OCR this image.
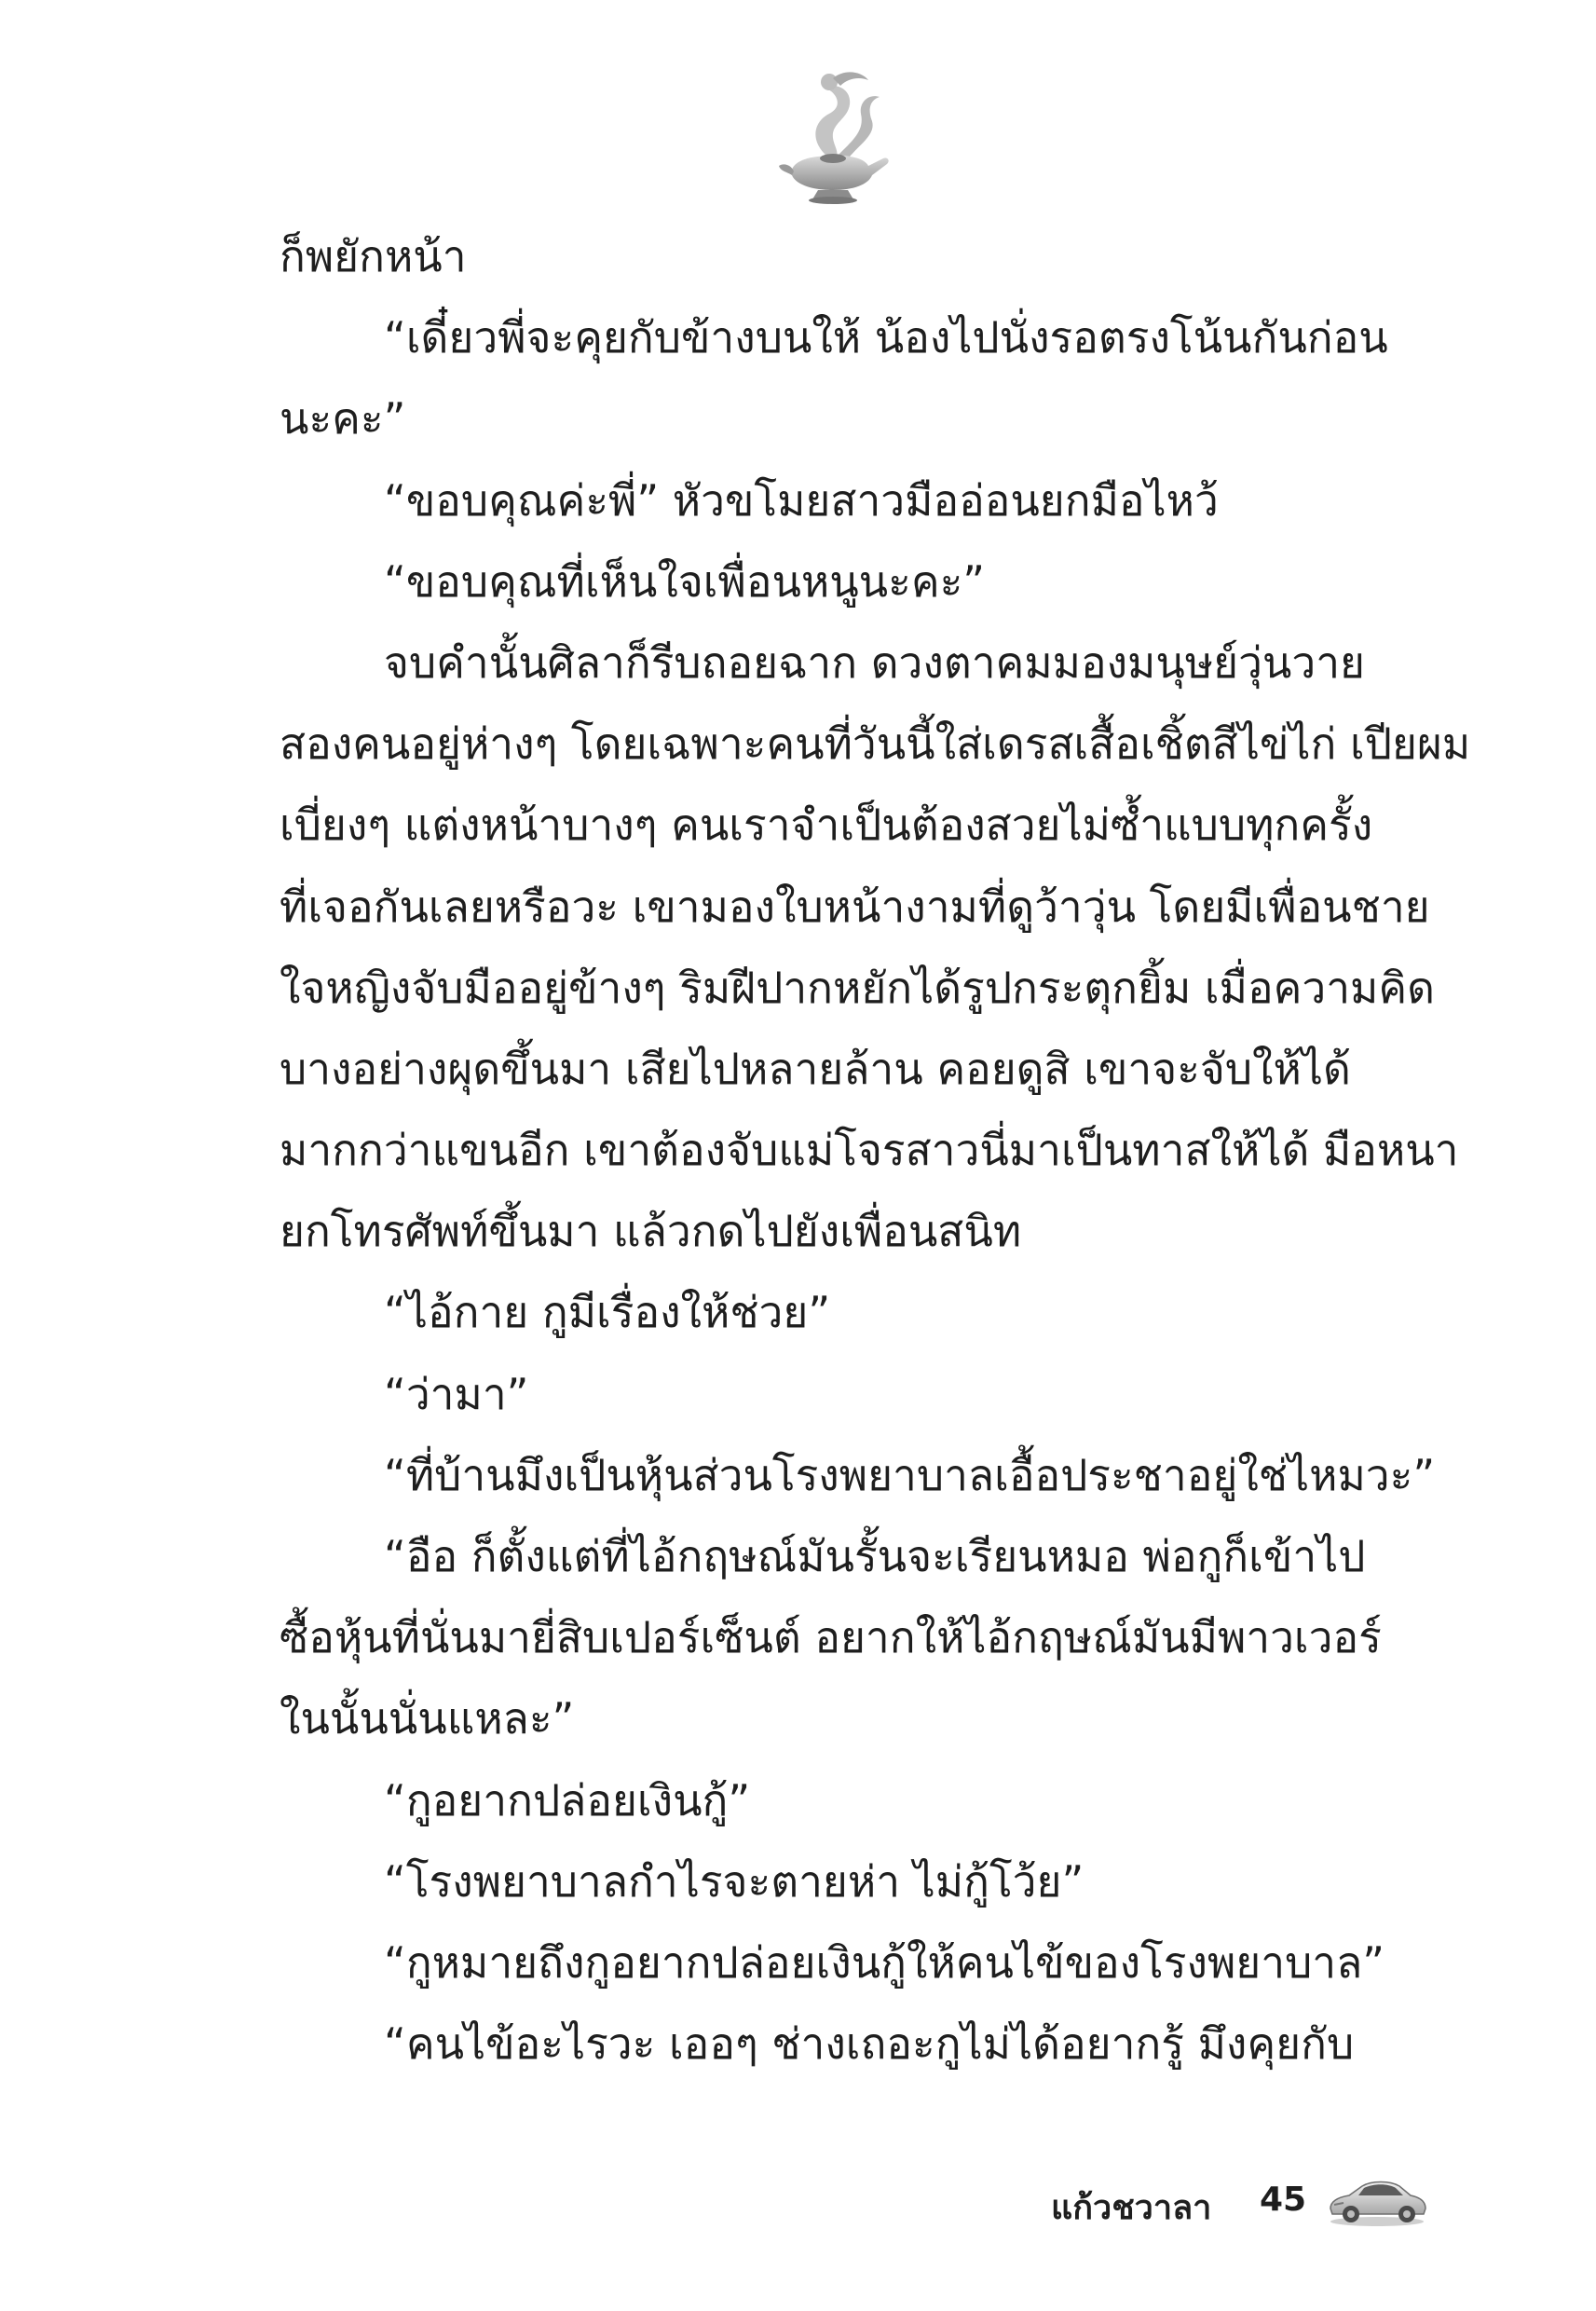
ก็พยักหน้า

“เดี๋ยวพี่จะคุยกับข้างบนให้ น้องไปนั่งรอตรงโน้นกันก่อน

นะคะ”

“ขอบคุณค่ะพี่” หัวขโมยสาวมืออ่อนยกมือไหว้

“ขอบคุณที่เห็นใจเพื่อนหนูนะคะ”

จบคำนั้นศิลาก็รีบถอยฉาก ดวงตาคมมองมนุษย์วุ่นวาย

สองคนอยู่ห่างๆ โดยเฉพาะคนที่วันนี้ใส่เดรสเสื้อเชิ้ตสีไข่ไก่ เปียผม

เบี่ยงๆ แต่งหน้าบางๆ คนเราจำเป็นต้องสวยไม่ซ้ำแบบทุกครั้ง

ที่เจอกันเลยหรือวะ เขามองใบหน้างามที่ดูว้าวุ่น โดยมีเพื่อนชาย

ใจหญิงจับมืออยู่ข้างๆ ริมฝีปากหยักได้รูปกระตุกยิ้ม เมื่อความคิด

บางอย่างผุดขึ้นมา เสียไปหลายล้าน คอยดูสิ เขาจะจับให้ได้

มากกว่าแขนอีก เขาต้องจับแม่โจรสาวนี่มาเป็นทาสให้ได้ มือหนา

ยกโทรศัพท์ขึ้นมา แล้วกดไปยังเพื่อนสนิท

“ไอ้กาย กูมีเรื่องให้ช่วย”

“ว่ามา”

“ที่บ้านมึงเป็นหุ้นส่วนโรงพยาบาลเอื้อประชาอยู่ใช่ไหมวะ”

“อือ ก็ตั้งแต่ที่ไอ้กฤษณ์มันรั้นจะเรียนหมอ พ่อกูก็เข้าไป

ซื้อหุ้นที่นั่นมายี่สิบเปอร์เซ็นต์ อยากให้ไอ้กฤษณ์มันมีพาวเวอร์

ในนั้นนั่นแหละ”

“กูอยากปล่อยเงินกู้”

“โรงพยาบาลกำไรจะตายห่า ไม่กู้โว้ย”

“กูหมายถึงกูอยากปล่อยเงินกู้ให้คนไข้ของโรงพยาบาล”

“คนไข้อะไรวะ เออๆ ช่างเถอะกูไม่ได้อยากรู้ มึงคุยกับ

แก้วชวาลา 45
